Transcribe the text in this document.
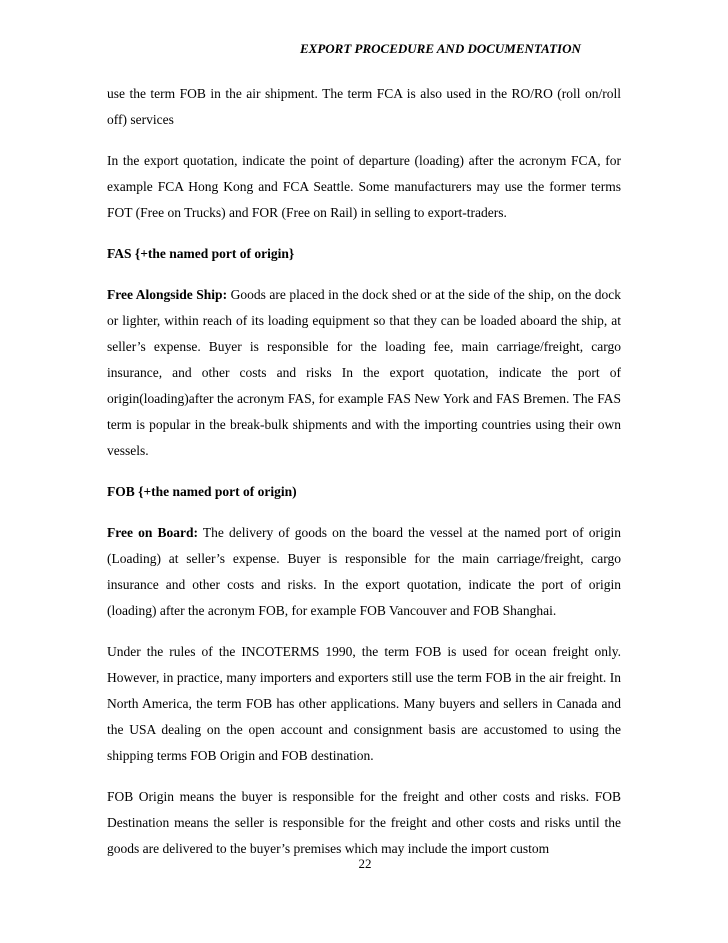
EXPORT PROCEDURE AND DOCUMENTATION

use the term FOB in the air shipment. The term FCA is also used in the RO/RO (roll on/roll off) services

In the export quotation, indicate the point of departure (loading) after the acronym FCA, for example FCA Hong Kong and FCA Seattle. Some manufacturers may use the former terms FOT (Free on Trucks) and FOR (Free on Rail) in selling to export-traders.

FAS {+the named port of origin}

Free Alongside Ship: Goods are placed in the dock shed or at the side of the ship, on the dock or lighter, within reach of its loading equipment so that they can be loaded aboard the ship, at seller’s expense. Buyer is responsible for the loading fee, main carriage/freight, cargo insurance, and other costs and risks In the export quotation, indicate the port of origin(loading)after the acronym FAS, for example FAS New York and FAS Bremen. The FAS term is popular in the break-bulk shipments and with the importing countries using their own vessels.

FOB {+the named port of origin)

Free on Board: The delivery of goods on the board the vessel at the named port of origin (Loading) at seller’s expense. Buyer is responsible for the main carriage/freight, cargo insurance and other costs and risks. In the export quotation, indicate the port of origin (loading) after the acronym FOB, for example FOB Vancouver and FOB Shanghai.

Under the rules of the INCOTERMS 1990, the term FOB is used for ocean freight only. However, in practice, many importers and exporters still use the term FOB in the air freight. In North America, the term FOB has other applications. Many buyers and sellers in Canada and the USA dealing on the open account and consignment basis are accustomed to using the shipping terms FOB Origin and FOB destination.

FOB Origin means the buyer is responsible for the freight and other costs and risks. FOB Destination means the seller is responsible for the freight and other costs and risks until the goods are delivered to the buyer’s premises which may include the import custom

22
